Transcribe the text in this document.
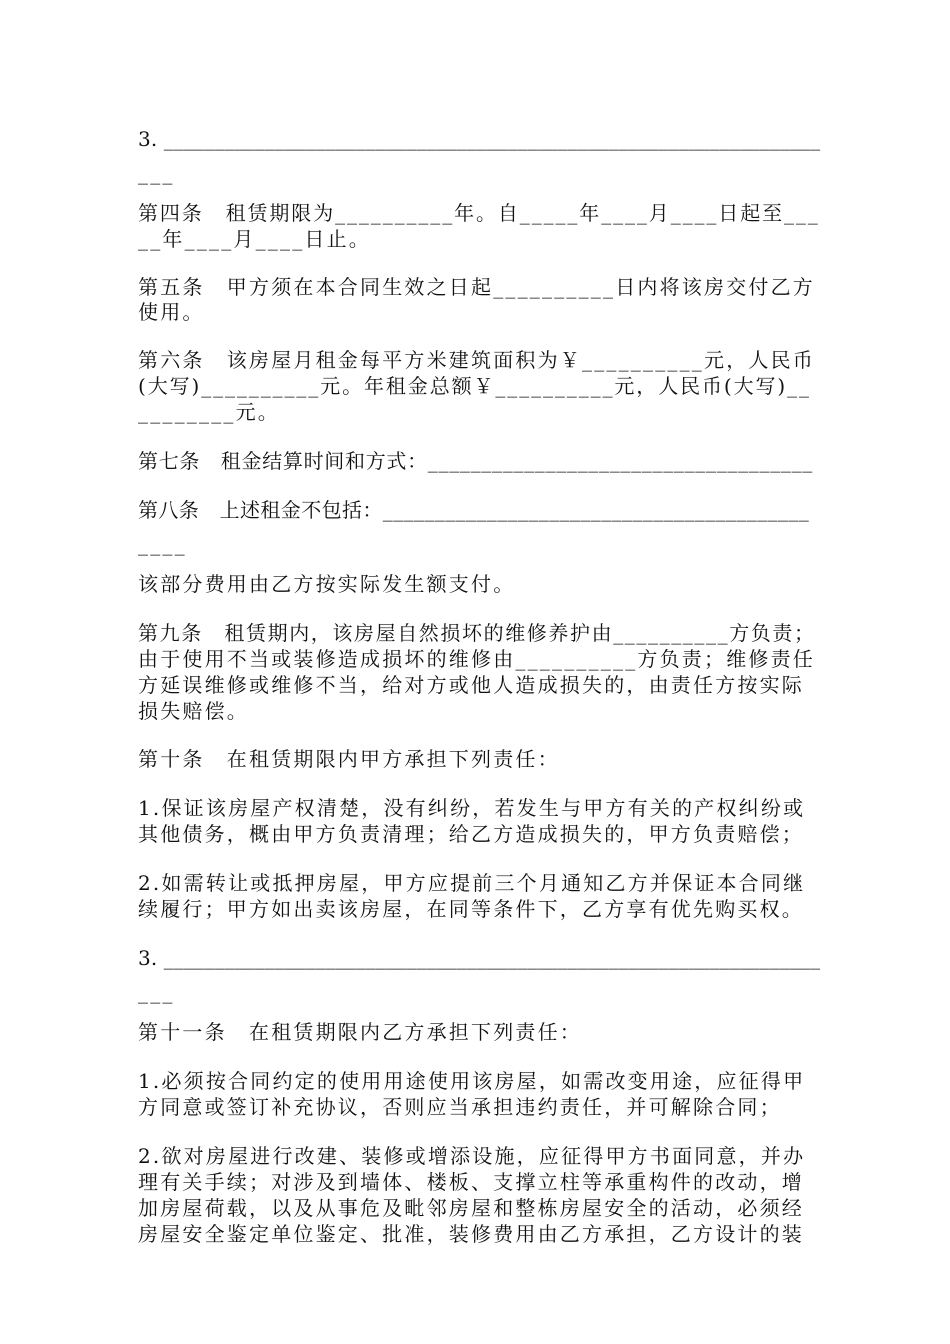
3. _________________________________________________________________
___
第四条　租赁期限为__________年。自_____年____月____日起至___
__年____月____日止。
第五条　甲方须在本合同生效之日起__________日内将该房交付乙方
使用。
第六条　该房屋月租金每平方米建筑面积为￥__________元，人民币
(大写)__________元。年租金总额￥__________元，人民币(大写)__
________元。
第七条　租金结算时间和方式：____________________________________
第八条　上述租金不包括：_________________________________________
____
该部分费用由乙方按实际发生额支付。
第九条　租赁期内，该房屋自然损坏的维修养护由__________方负责；
由于使用不当或装修造成损坏的维修由__________方负责；维修责任
方延误维修或维修不当，给对方或他人造成损失的，由责任方按实际
损失赔偿。
第十条　在租赁期限内甲方承担下列责任：
1.保证该房屋产权清楚，没有纠纷，若发生与甲方有关的产权纠纷或
其他债务，概由甲方负责清理；给乙方造成损失的，甲方负责赔偿；
2.如需转让或抵押房屋，甲方应提前三个月通知乙方并保证本合同继
续履行；甲方如出卖该房屋，在同等条件下，乙方享有优先购买权。
3. _________________________________________________________________
___
第十一条　在租赁期限内乙方承担下列责任：
1.必须按合同约定的使用用途使用该房屋，如需改变用途，应征得甲
方同意或签订补充协议，否则应当承担违约责任，并可解除合同；
2.欲对房屋进行改建、装修或增添设施，应征得甲方书面同意，并办
理有关手续；对涉及到墙体、楼板、支撑立柱等承重构件的改动，增
加房屋荷载，以及从事危及毗邻房屋和整栋房屋安全的活动，必须经
房屋安全鉴定单位鉴定、批准，装修费用由乙方承担，乙方设计的装
